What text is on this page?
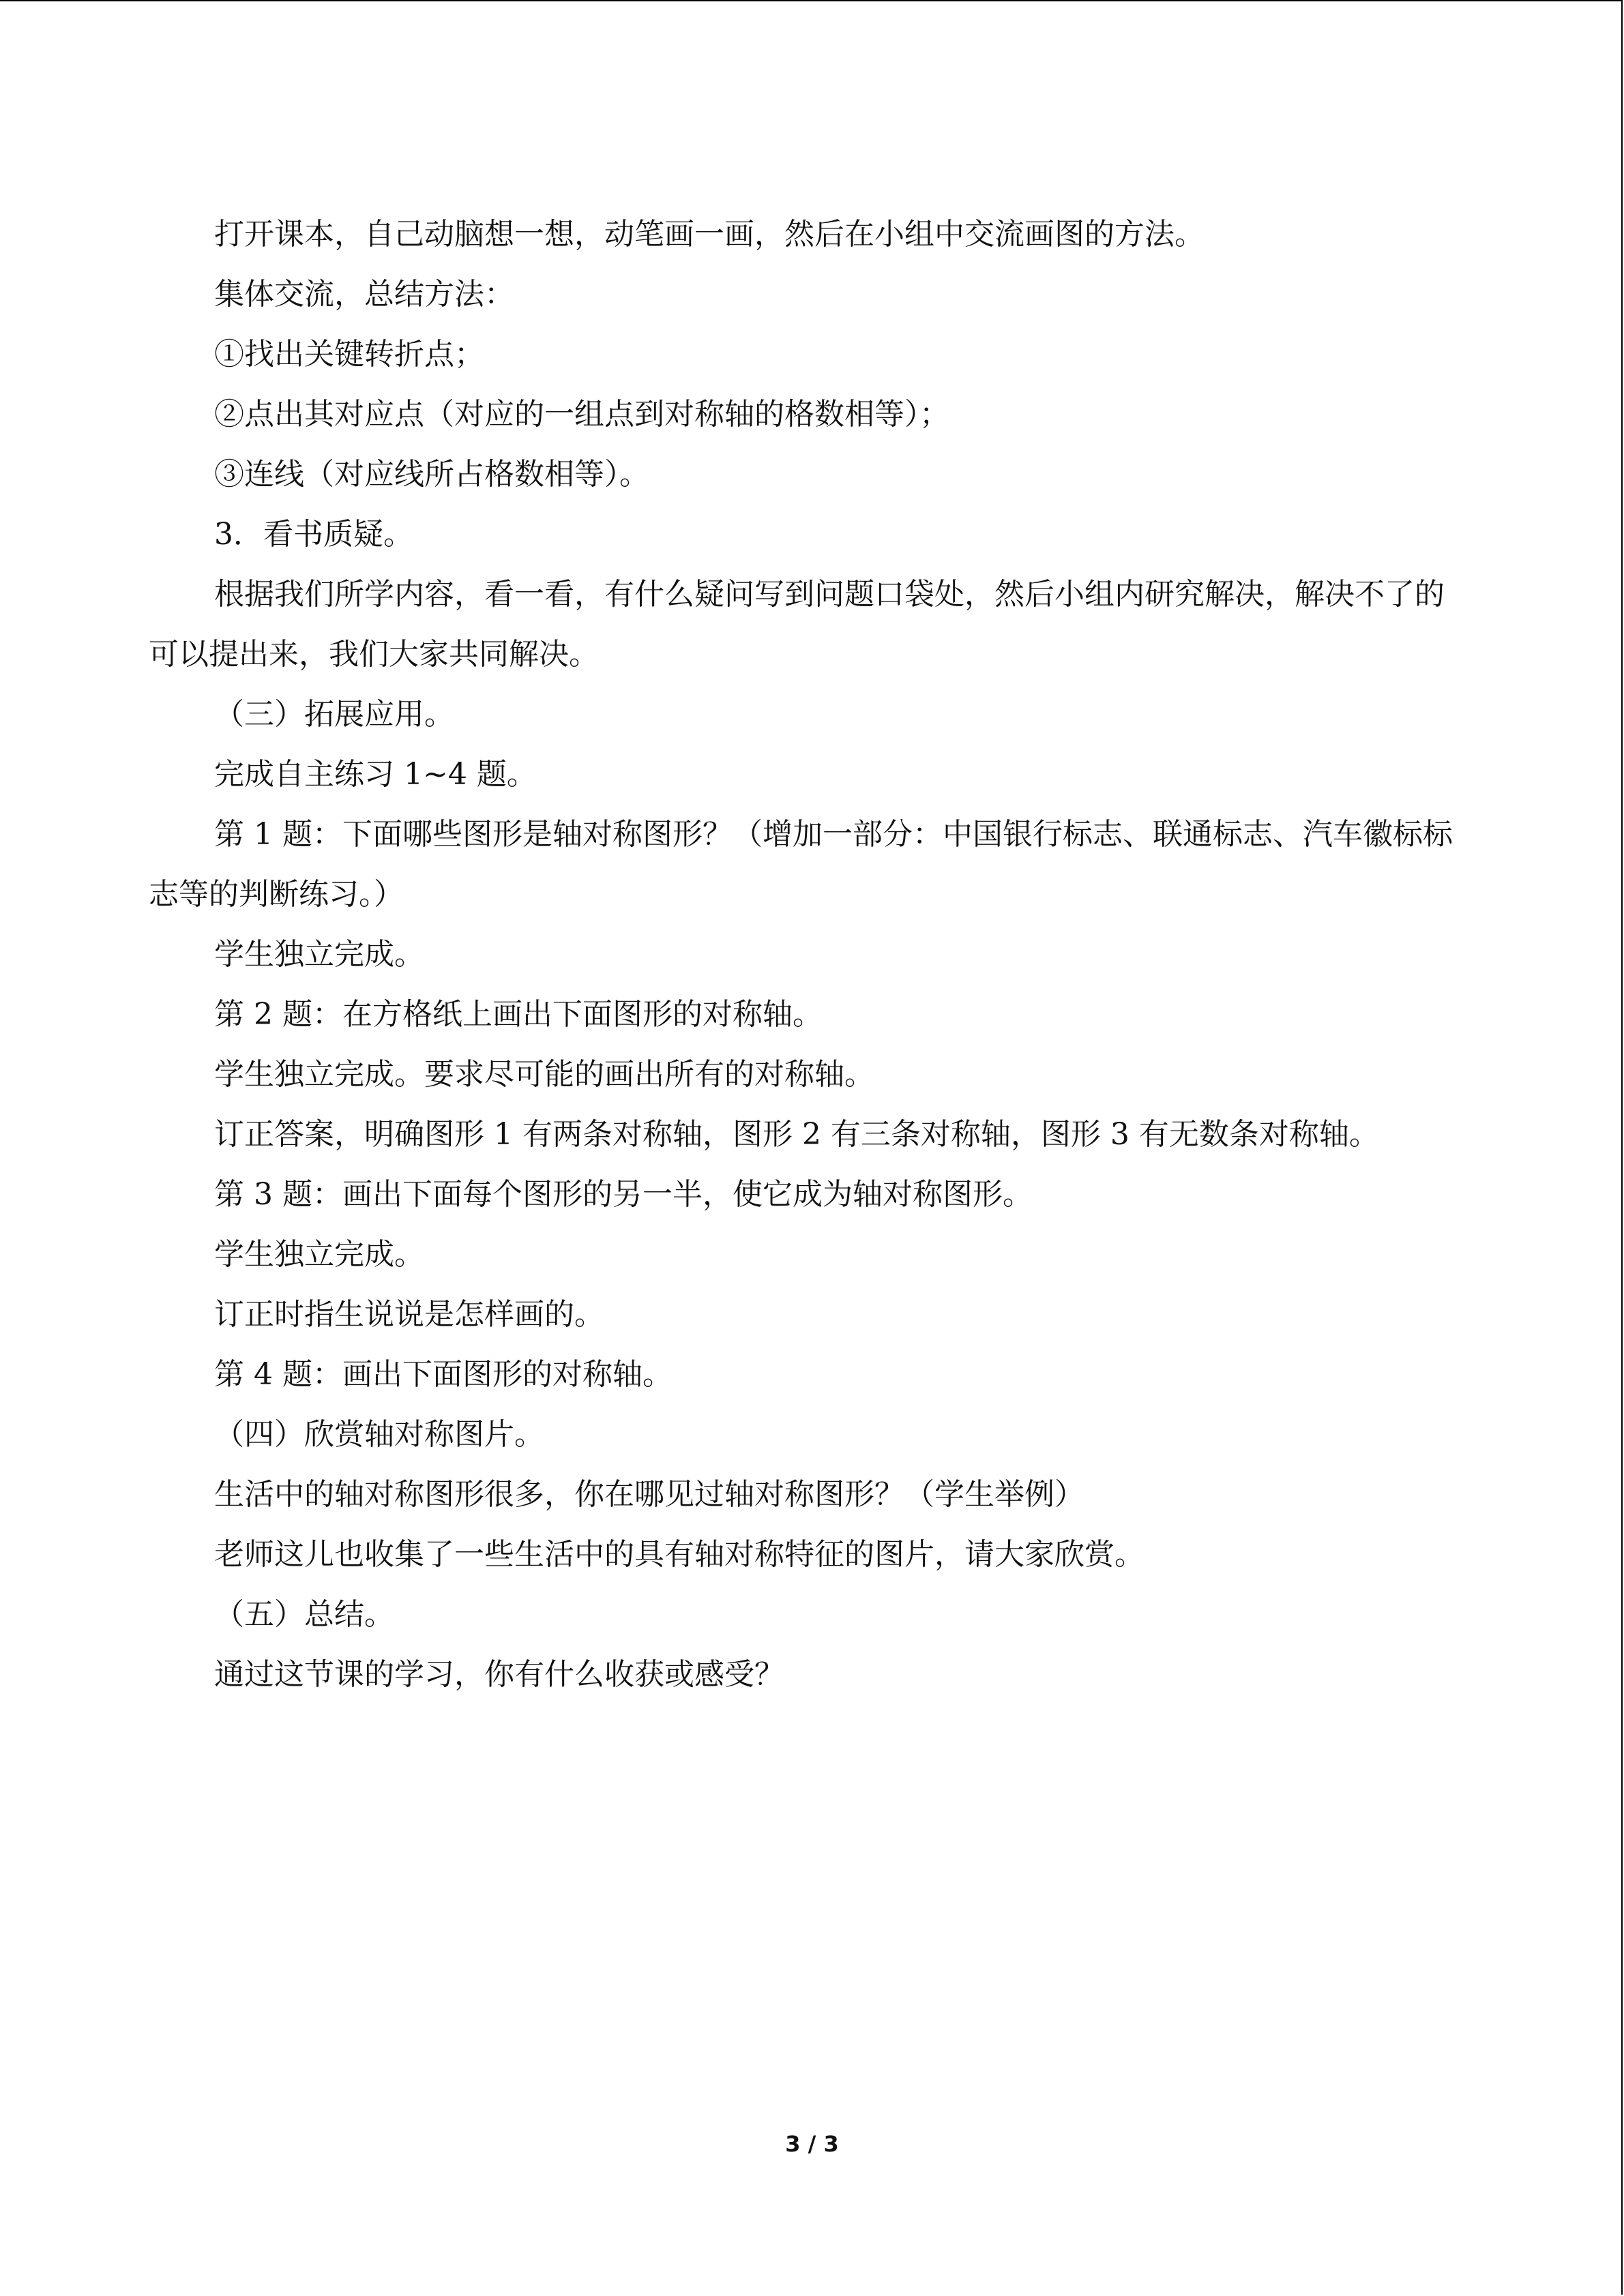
打开课本，自己动脑想一想，动笔画一画，然后在小组中交流画图的方法。

集体交流，总结方法：

①找出关键转折点；

②点出其对应点（对应的一组点到对称轴的格数相等）；

③连线（对应线所占格数相等）。

3．看书质疑。

根据我们所学内容，看一看，有什么疑问写到问题口袋处，然后小组内研究解决，解决不了的可以提出来，我们大家共同解决。

（三）拓展应用。

完成自主练习 1~4 题。

第 1 题：下面哪些图形是轴对称图形？（增加一部分：中国银行标志、联通标志、汽车徽标标志等的判断练习。）

学生独立完成。

第 2 题：在方格纸上画出下面图形的对称轴。

学生独立完成。要求尽可能的画出所有的对称轴。

订正答案，明确图形 1 有两条对称轴，图形 2 有三条对称轴，图形 3 有无数条对称轴。

第 3 题：画出下面每个图形的另一半，使它成为轴对称图形。

学生独立完成。

订正时指生说说是怎样画的。

第 4 题：画出下面图形的对称轴。

（四）欣赏轴对称图片。

生活中的轴对称图形很多，你在哪见过轴对称图形？（学生举例）

老师这儿也收集了一些生活中的具有轴对称特征的图片，请大家欣赏。

（五）总结。

通过这节课的学习，你有什么收获或感受？

3 / 3
